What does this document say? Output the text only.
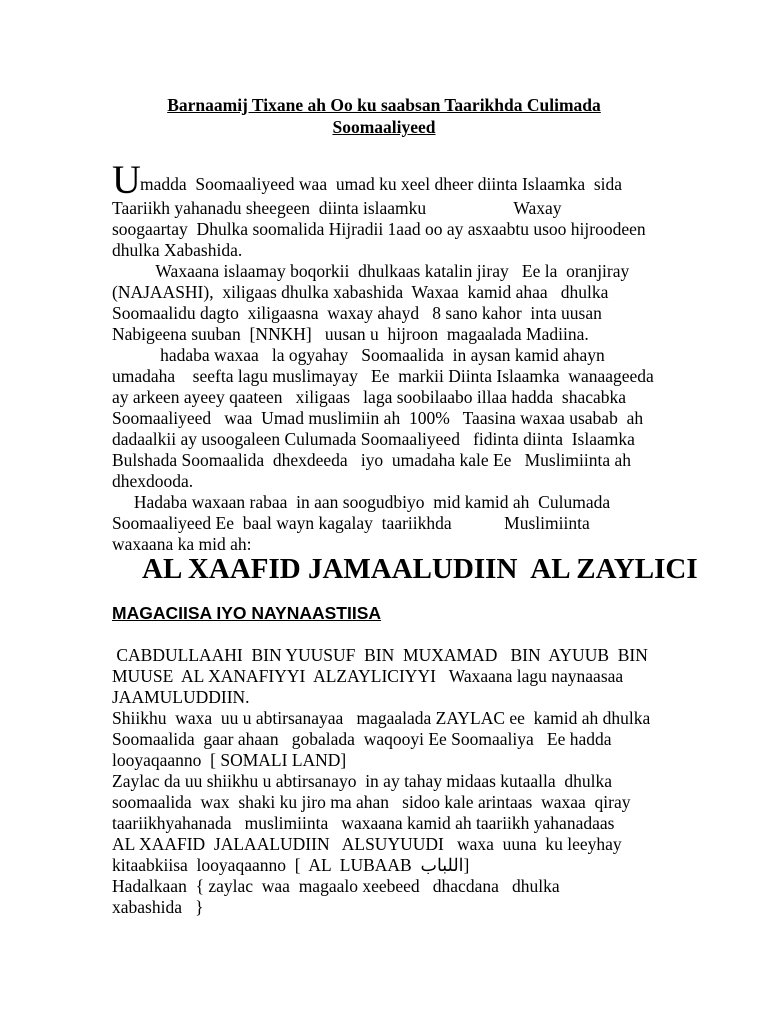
Barnaamij Tixane ah Oo ku saabsan Taarikhda Culimada
Soomaaliyeed
U madda  Soomaaliyeed waa  umad ku xeel dheer diinta Islaamka  sida
Taariikh yahanadu sheegeen  diinta islaamku                    Waxay
soogaartay  Dhulka soomalida Hijradii 1aad oo ay asxaabtu usoo hijroodeen
dhulka Xabashida.
Waxaana islaamay boqorkii  dhulkaas katalin jiray   Ee la  oranjiray
(NAJAASHI),  xiligaas dhulka xabashida  Waxaa  kamid ahaa   dhulka
Soomaalidu dagto  xiligaasna  waxay ahayd   8 sano kahor  inta uusan
Nabigeena suuban  [NNKH]   uusan u  hijroon  magaalada Madiina.
hadaba waxaa   la ogyahay   Soomaalida  in aysan kamid ahayn
umadaha    seefta lagu muslimayay   Ee  markii Diinta Islaamka  wanaageeda
ay arkeen ayeey qaateen   xiligaas   laga soobilaabo illaa hadda  shacabka
Soomaaliyeed   waa  Umad muslimiin ah  100%   Taasina waxaa usabab  ah
dadaalkii ay usoogaleen Culumada Soomaaliyeed   fidinta diinta  Islaamka
Bulshada Soomaalida  dhexdeeda   iyo  umadaha kale Ee   Muslimiinta ah
dhexdooda.
Hadaba waxaan rabaa  in aan soogudbiyo  mid kamid ah  Culumada
Soomaaliyeed Ee  baal wayn kagalay  taariikhda            Muslimiinta
waxaana ka mid ah:
AL XAAFID JAMAALUDIIN  AL ZAYLICI
MAGACIISA IYO NAYNAASTIISA
CABDULLAAHI  BIN YUUSUF  BIN  MUXAMAD   BIN  AYUUB  BIN
MUUSE  AL XANAFIYYI  ALZAYLICIYYI   Waxaana lagu naynaasaa
JAAMULUDDIIN.
Shiikhu  waxa  uu u abtirsanayaa   magaalada ZAYLAC ee  kamid ah dhulka
Soomaalida  gaar ahaan   gobalada  waqooyi Ee Soomaaliya   Ee hadda
looyaqaanno  [ SOMALI LAND]
Zaylac da uu shiikhu u abtirsanayo  in ay tahay midaas kutaalla  dhulka
soomaalida  wax  shaki ku jiro ma ahan   sidoo kale arintaas  waxaa  qiray
taariikhyahanada   muslimiinta   waxaana kamid ah taariikh yahanadaas
AL XAAFID  JALAALUDIIN   ALSUYUUDI   waxa  uuna  ku leeyhay
kitaabkiisa  looyaqaanno  [  AL  LUBAAB  اللباب]
Hadalkaan  { zaylac  waa  magaalo xeebeed   dhacdana   dhulka
xabashida   }
